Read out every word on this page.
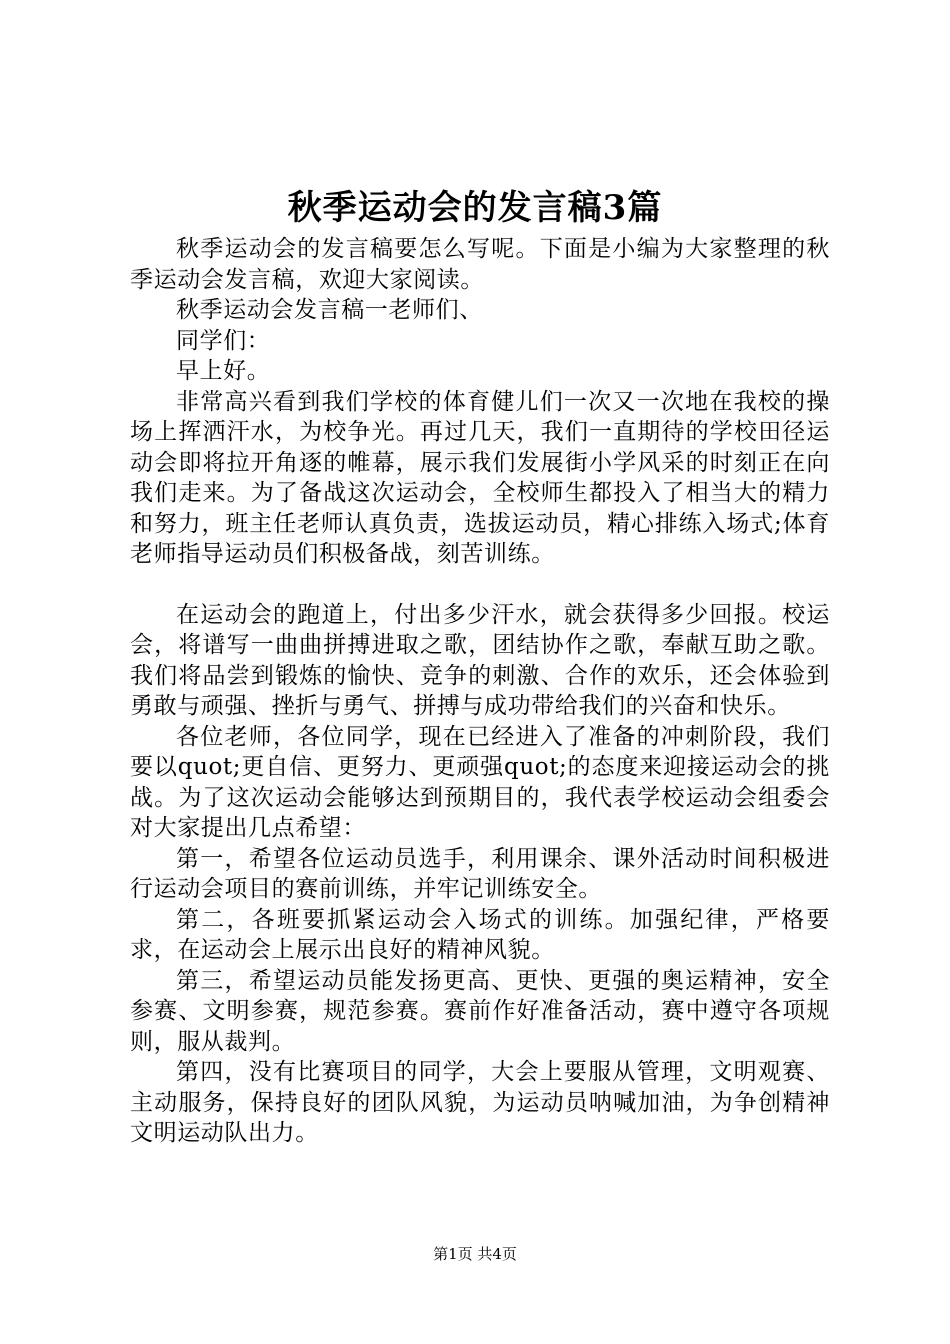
秋季运动会的发言稿3篇

秋季运动会的发言稿要怎么写呢。下面是小编为大家整理的秋季运动会发言稿，欢迎大家阅读。

秋季运动会发言稿一老师们、

同学们：

早上好。

非常高兴看到我们学校的体育健儿们一次又一次地在我校的操场上挥洒汗水，为校争光。再过几天，我们一直期待的学校田径运动会即将拉开角逐的帷幕，展示我们发展街小学风采的时刻正在向我们走来。为了备战这次运动会，全校师生都投入了相当大的精力和努力，班主任老师认真负责，选拔运动员，精心排练入场式;体育老师指导运动员们积极备战，刻苦训练。

在运动会的跑道上，付出多少汗水，就会获得多少回报。校运会，将谱写一曲曲拼搏进取之歌，团结协作之歌，奉献互助之歌。我们将品尝到锻炼的愉快、竞争的刺激、合作的欢乐，还会体验到勇敢与顽强、挫折与勇气、拼搏与成功带给我们的兴奋和快乐。

各位老师，各位同学，现在已经进入了准备的冲刺阶段，我们要以quot;更自信、更努力、更顽强quot;的态度来迎接运动会的挑战。为了这次运动会能够达到预期目的，我代表学校运动会组委会对大家提出几点希望：

第一，希望各位运动员选手，利用课余、课外活动时间积极进行运动会项目的赛前训练，并牢记训练安全。

第二，各班要抓紧运动会入场式的训练。加强纪律，严格要求，在运动会上展示出良好的精神风貌。

第三，希望运动员能发扬更高、更快、更强的奥运精神，安全参赛、文明参赛，规范参赛。赛前作好准备活动，赛中遵守各项规则，服从裁判。

第四，没有比赛项目的同学，大会上要服从管理，文明观赛、主动服务，保持良好的团队风貌，为运动员呐喊加油，为争创精神文明运动队出力。

第1页 共4页
